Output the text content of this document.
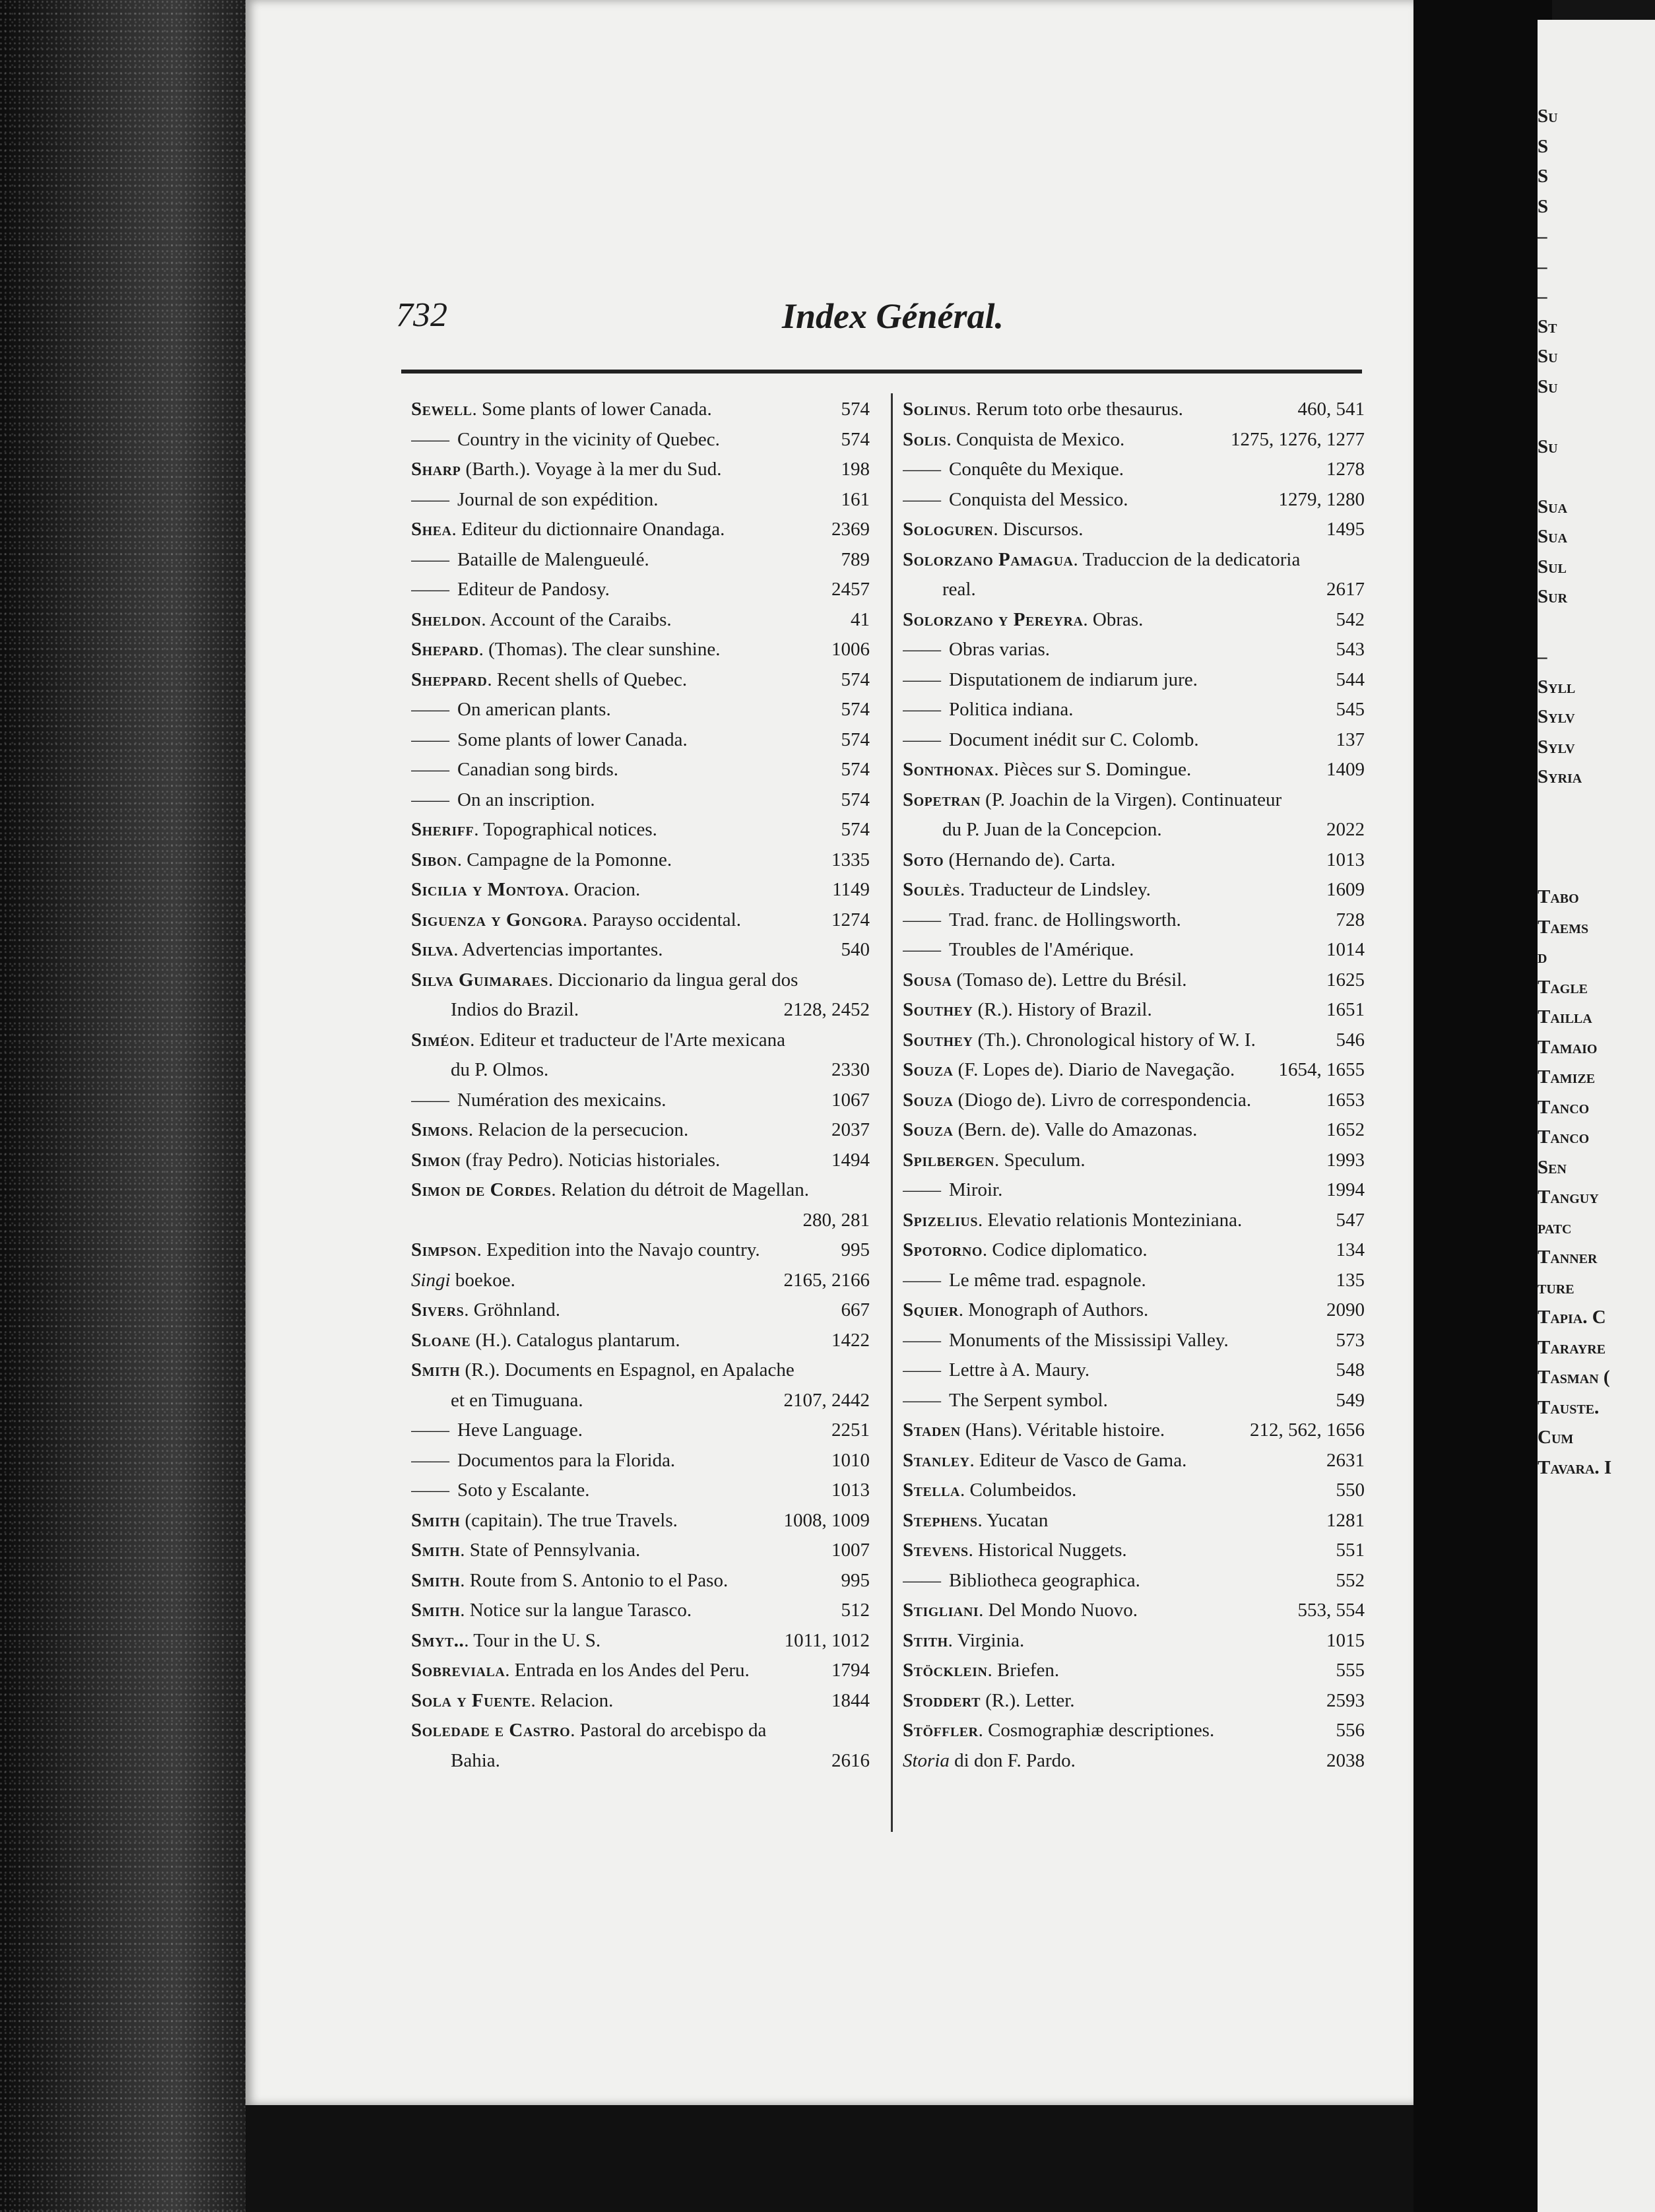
732	Index Général.
Sewell. Some plants of lower Canada.	574
——Country in the vicinity of Quebec.	574
Sharp (Barth.). Voyage à la mer du Sud.	198
——Journal de son expédition.	161
Shea. Editeur du dictionnaire Onandaga.	2369
——Bataille de Malengueulé.	789
——Editeur de Pandosy.	2457
Sheldon. Account of the Caraibs.	41
Shepard. (Thomas). The clear sunshine.	1006
Sheppard. Recent shells of Quebec.	574
——On american plants.	574
——Some plants of lower Canada.	574
——Canadian song birds.	574
——On an inscription.	574
Sheriff. Topographical notices.	574
Sibon. Campagne de la Pomonne.	1335
Sicilia y Montoya. Oracion.	1149
Siguenza y Gongora. Parayso occidental.	1274
Silva. Advertencias importantes.	540
Silva Guimaraes. Diccionario da lingua geral dos
Indios do Brazil.	2128, 2452
Siméon. Editeur et traducteur de l'Arte mexicana
du P. Olmos.	2330
——Numération des mexicains.	1067
Simons. Relacion de la persecucion.	2037
Simon (fray Pedro). Noticias historiales.	1494
Simon de Cordes. Relation du détroit de Magellan.
280, 281
Simpson. Expedition into the Navajo country.	995
Singi boekoe.	2165, 2166
Sivers. Gröhnland.	667
Sloane (H.). Catalogus plantarum.	1422
Smith (R.). Documents en Espagnol, en Apalache
et en Timuguana.	2107, 2442
——Heve Language.	2251
——Documentos para la Florida.	1010
——Soto y Escalante.	1013
Smith (capitain). The true Travels.	1008, 1009
Smith. State of Pennsylvania.	1007
Smith. Route from S. Antonio to el Paso.	995
Smith. Notice sur la langue Tarasco.	512
Smyt... Tour in the U. S.	1011, 1012
Sobreviala. Entrada en los Andes del Peru.	1794
Sola y Fuente. Relacion.	1844
Soledade e Castro. Pastoral do arcebispo da
Bahia.	2616
Solinus. Rerum toto orbe thesaurus.	460, 541
Solis. Conquista de Mexico.	1275, 1276, 1277
——Conquête du Mexique.	1278
——Conquista del Messico.	1279, 1280
Sologuren. Discursos.	1495
Solorzano Pamagua. Traduccion de la dedicatoria
real.	2617
Solorzano y Pereyra. Obras.	542
——Obras varias.	543
——Disputationem de indiarum jure.	544
——Politica indiana.	545
——Document inédit sur C. Colomb.	137
Sonthonax. Pièces sur S. Domingue.	1409
Sopetran (P. Joachin de la Virgen). Continuateur
du P. Juan de la Concepcion.	2022
Soto (Hernando de). Carta.	1013
Soulès. Traducteur de Lindsley.	1609
——Trad. franc. de Hollingsworth.	728
——Troubles de l'Amérique.	1014
Sousa (Tomaso de). Lettre du Brésil.	1625
Southey (R.). History of Brazil.	1651
Southey (Th.). Chronological history of W. I.	546
Souza (F. Lopes de). Diario de Navegação.	1654, 1655
Souza (Diogo de). Livro de correspondencia.	1653
Souza (Bern. de). Valle do Amazonas.	1652
Spilbergen. Speculum.	1993
——Miroir.	1994
Spizelius. Elevatio relationis Monteziniana.	547
Spotorno. Codice diplomatico.	134
——Le même trad. espagnole.	135
Squier. Monograph of Authors.	2090
——Monuments of the Mississipi Valley.	573
——Lettre à A. Maury.	548
——The Serpent symbol.	549
Staden (Hans). Véritable histoire.	212, 562, 1656
Stanley. Editeur de Vasco de Gama.	2631
Stella. Columbeidos.	550
Stephens. Yucatan	1281
Stevens. Historical Nuggets.	551
——Bibliotheca geographica.	552
Stigliani. Del Mondo Nuovo.	553, 554
Stith. Virginia.	1015
Stöcklein. Briefen.	555
Stoddert (R.). Letter.	2593
Stöffler. Cosmographiæ descriptiones.	556
Storia di don F. Pardo.	2038
Su
S
S
S
–
–
–
St
Su
Su
Su
Sua
Sua
Sul
Sur
–
Syll
Sylv
Sylv
Syria
Tabo
Taems
d
Tagle
Tailla
Tamaio
Tamize
Tanco
Tanco
Sen
Tanguy
patc
Tanner
ture
Tapia. C
Tarayre
Tasman (
Tauste.
Cum
Tavara. I
